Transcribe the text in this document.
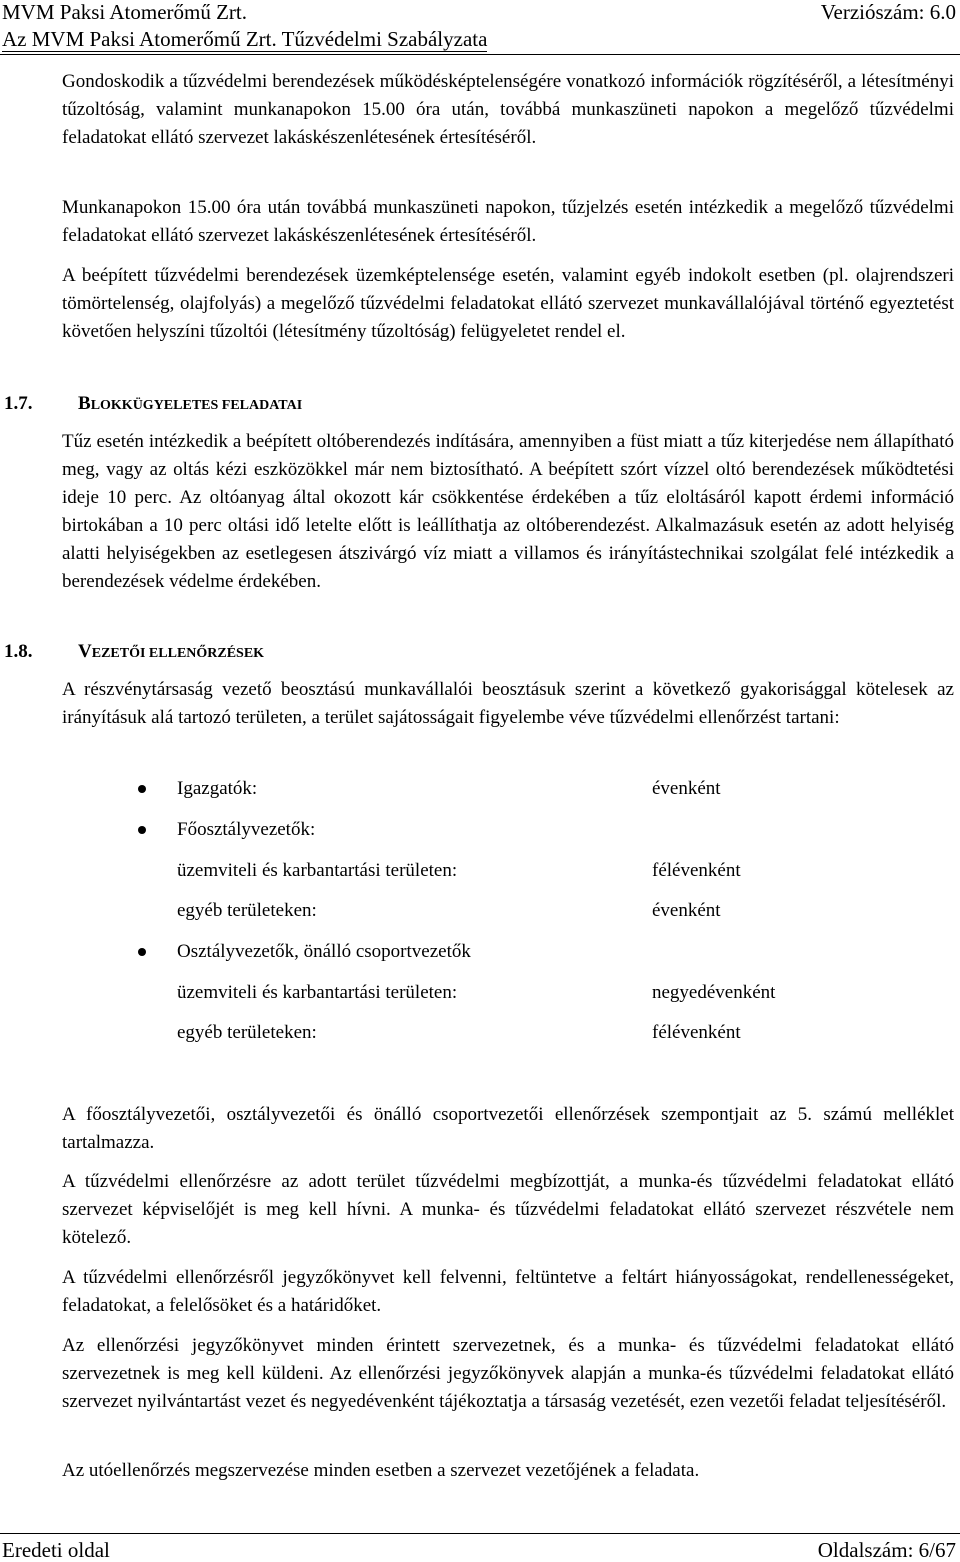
MVM Paksi Atomerőmű Zrt.	Verziószám: 6.0
Az MVM Paksi Atomerőmű Zrt. Tűzvédelmi Szabályzata

Gondoskodik a tűzvédelmi berendezések működésképtelenségére vonatkozó információk rögzítéséről, a létesítményi tűzoltóság, valamint munkanapokon 15.00 óra után, továbbá munkaszüneti napokon a megelőző tűzvédelmi feladatokat ellátó szervezet lakáskészenlétesének értesítéséről.

Munkanapokon 15.00 óra után továbbá munkaszüneti napokon, tűzjelzés esetén intézkedik a megelőző tűzvédelmi feladatokat ellátó szervezet lakáskészenlétesének értesítéséről.

A beépített tűzvédelmi berendezések üzemképtelensége esetén, valamint egyéb indokolt esetben (pl. olajrendszeri tömörtelenség, olajfolyás) a megelőző tűzvédelmi feladatokat ellátó szervezet munkavállalójával történő egyeztetést követően helyszíni tűzoltói (létesítmény tűzoltóság) felügyeletet rendel el.

1.7. BLOKKÜGYELETES FELADATAI

Tűz esetén intézkedik a beépített oltóberendezés indítására, amennyiben a füst miatt a tűz kiterjedése nem állapítható meg, vagy az oltás kézi eszközökkel már nem biztosítható. A beépített szórt vízzel oltó berendezések működtetési ideje 10 perc. Az oltóanyag által okozott kár csökkentése érdekében a tűz eloltásáról kapott érdemi információ birtokában a 10 perc oltási idő letelte előtt is leállíthatja az oltóberendezést. Alkalmazásuk esetén az adott helyiség alatti helyiségekben az esetlegesen átszivárgó víz miatt a villamos és irányítástechnikai szolgálat felé intézkedik a berendezések védelme érdekében.

1.8. VEZETŐI ELLENŐRZÉSEK

A részvénytársaság vezető beosztású munkavállalói beosztásuk szerint a következő gyakorisággal kötelesek az irányításuk alá tartozó területen, a terület sajátosságait figyelembe véve tűzvédelmi ellenőrzést tartani:

Igazgatók:	évenként
Főosztályvezetők:
üzemviteli és karbantartási területen:	félévenként
egyéb területeken:	évenként
Osztályvezetők, önálló csoportvezetők
üzemviteli és karbantartási területen:	negyedévenként
egyéb területeken:	félévenként

A főosztályvezetői, osztályvezetői és önálló csoportvezetői ellenőrzések szempontjait az 5. számú melléklet tartalmazza.

A tűzvédelmi ellenőrzésre az adott terület tűzvédelmi megbízottját, a munka-és tűzvédelmi feladatokat ellátó szervezet képviselőjét is meg kell hívni. A munka- és tűzvédelmi feladatokat ellátó szervezet részvétele nem kötelező.

A tűzvédelmi ellenőrzésről jegyzőkönyvet kell felvenni, feltüntetve a feltárt hiányosságokat, rendellenességeket, feladatokat, a felelősöket és a határidőket.

Az ellenőrzési jegyzőkönyvet minden érintett szervezetnek, és a munka- és tűzvédelmi feladatokat ellátó szervezetnek is meg kell küldeni. Az ellenőrzési jegyzőkönyvek alapján a munka-és tűzvédelmi feladatokat ellátó szervezet nyilvántartást vezet és negyedévenként tájékoztatja a társaság vezetését, ezen vezetői feladat teljesítéséről.

Az utóellenőrzés megszervezése minden esetben a szervezet vezetőjének a feladata.

Eredeti oldal	Oldalszám: 6/67
